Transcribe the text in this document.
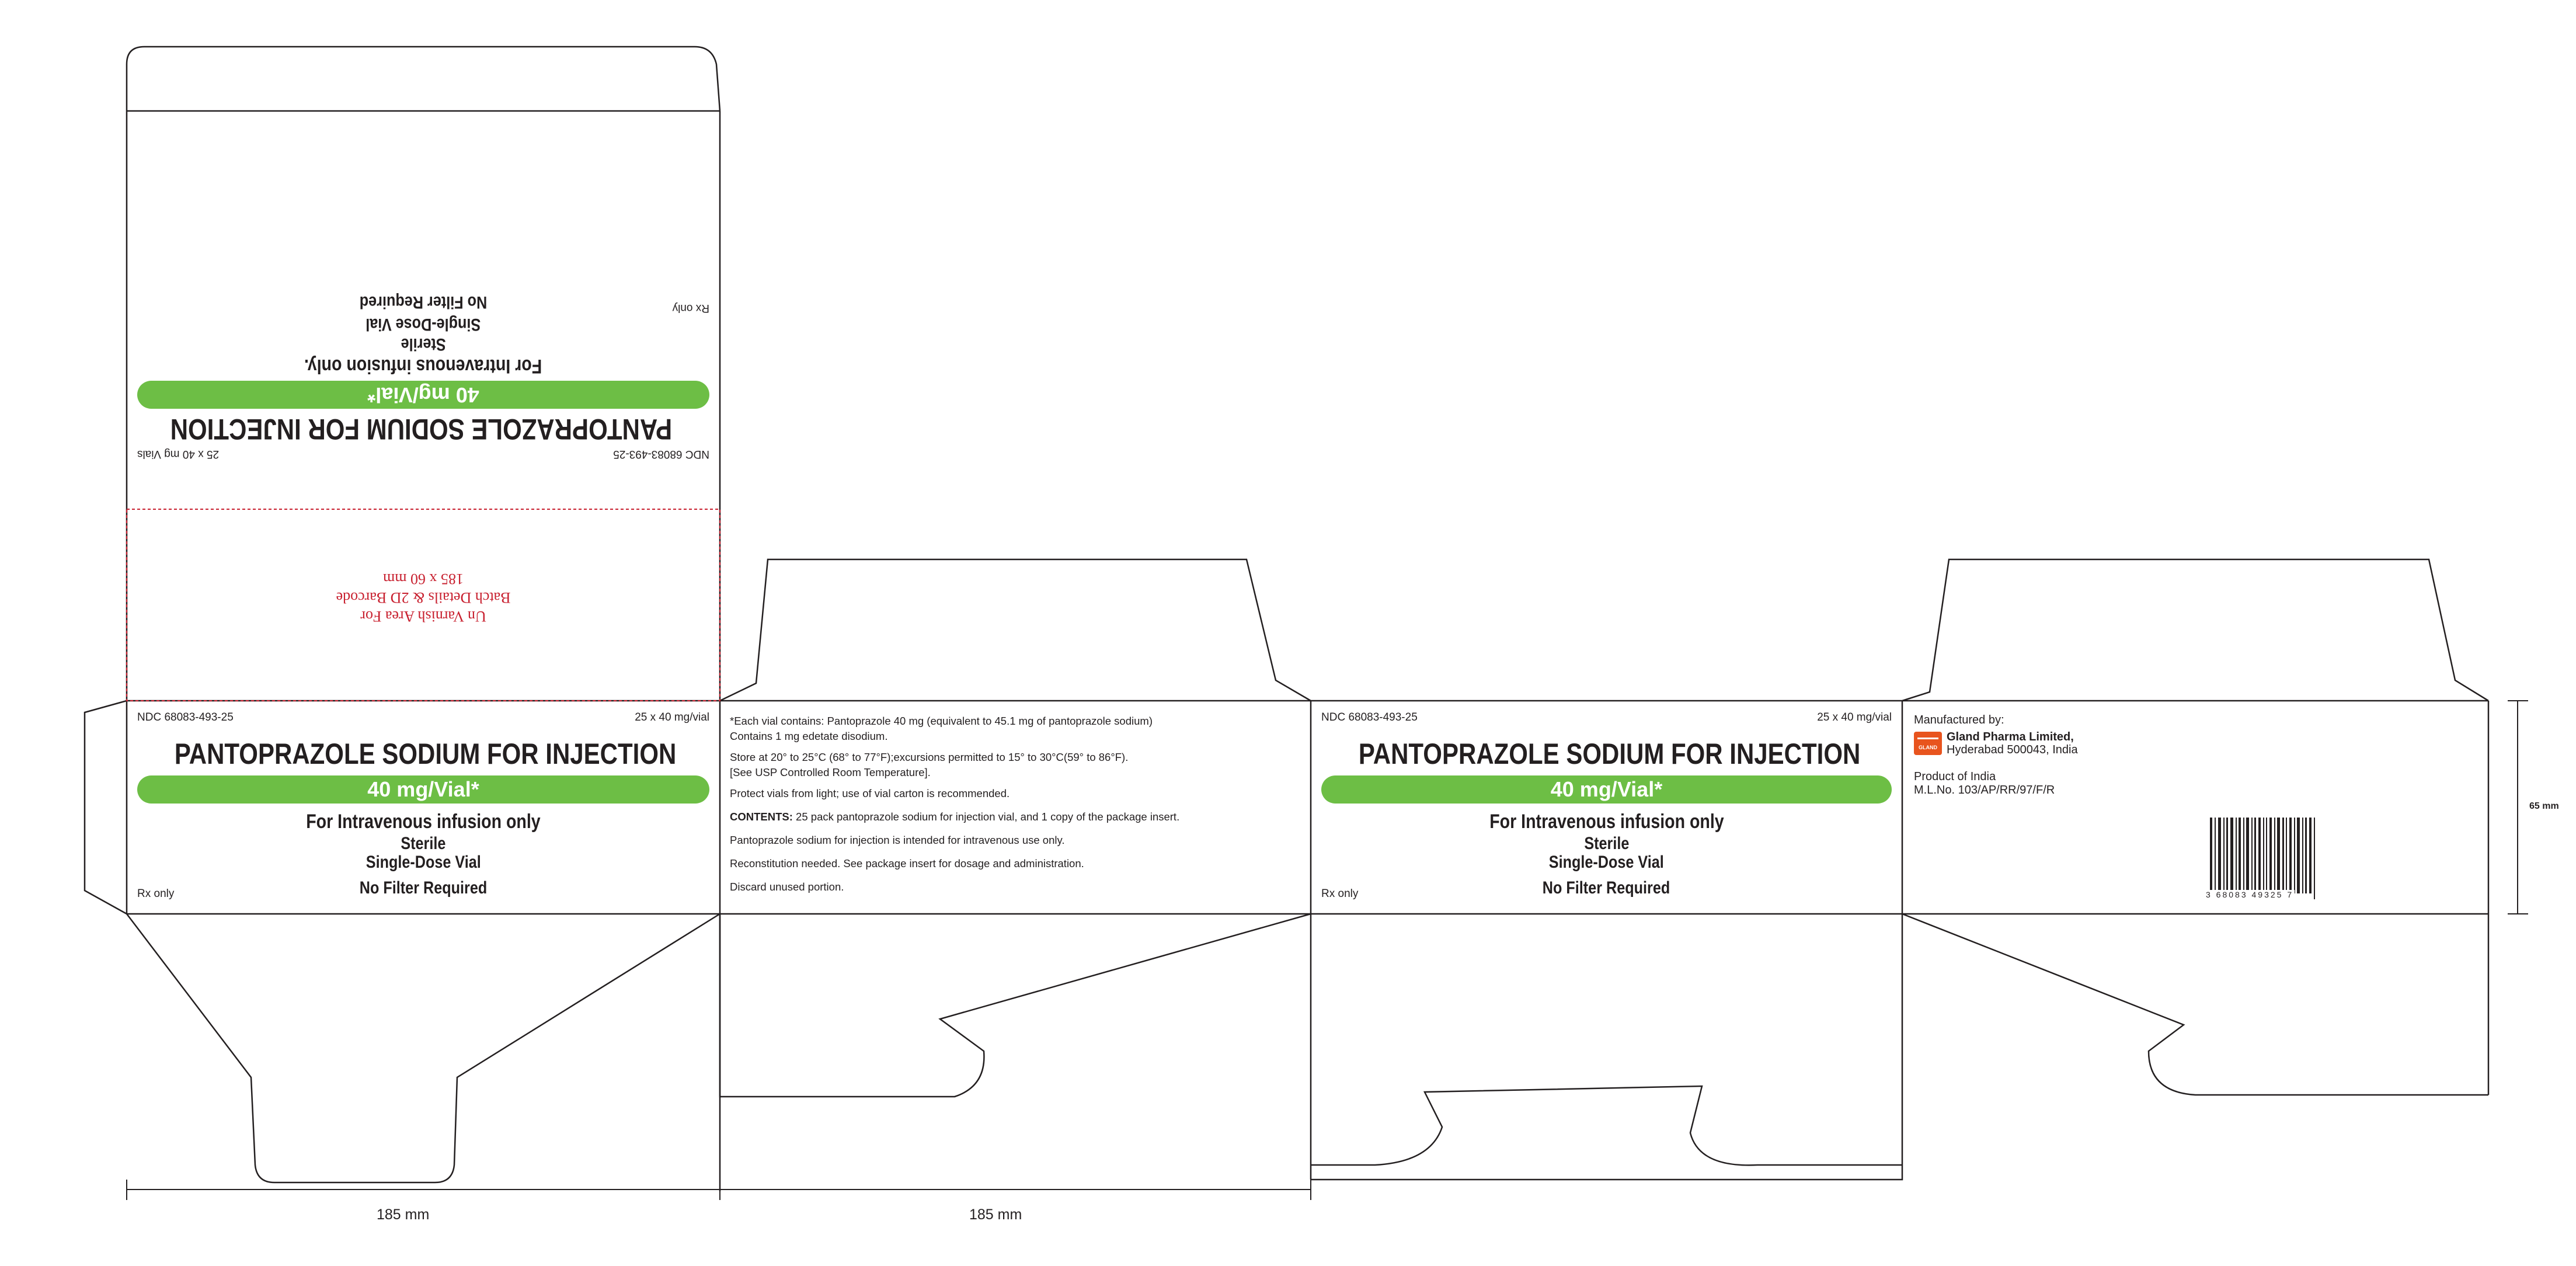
NDC 68083-493-25
25 x 40 mg Vials
PANTOPRAZOLE SODIUM FOR INJECTION
40 mg/Vial*
For Intravenous infusion only.
Sterile
Single-Dose Vial
No Filter Required	Rx only
Un Varnish Area For
Batch Details & 2D Barcode
185 x 60 mm
NDC 68083-493-25	25 x 40 mg/vial
PANTOPRAZOLE SODIUM FOR INJECTION
40 mg/Vial*
For Intravenous infusion only
Sterile
Single-Dose Vial
No Filter Required
Rx only

*Each vial contains: Pantoprazole 40 mg (equivalent to 45.1 mg of pantoprazole sodium)

Contains 1 mg edetate disodium.

Store at 20° to 25°C (68° to 77°F);excursions permitted to 15° to 30°C(59° to 86°F).

[See USP Controlled Room Temperature].

Protect vials from light; use of vial carton is recommended.

CONTENTS: 25 pack pantoprazole sodium for injection vial, and 1 copy of the package insert.

Pantoprazole sodium for injection is intended for intravenous use only.

Reconstitution needed. See package insert for dosage and administration.

Discard unused portion.

NDC 68083-493-25	25 x 40 mg/vial
PANTOPRAZOLE SODIUM FOR INJECTION
40 mg/Vial*
For Intravenous infusion only
Sterile
Single-Dose Vial
No Filter Required
Rx only
Manufactured by:
GLAND
Gland Pharma Limited,
Hyderabad 500043, India
Product of India
M.L.No. 103/AP/RR/97/F/R
3 68083 49325 7
185 mm	185 mm
65 mm
